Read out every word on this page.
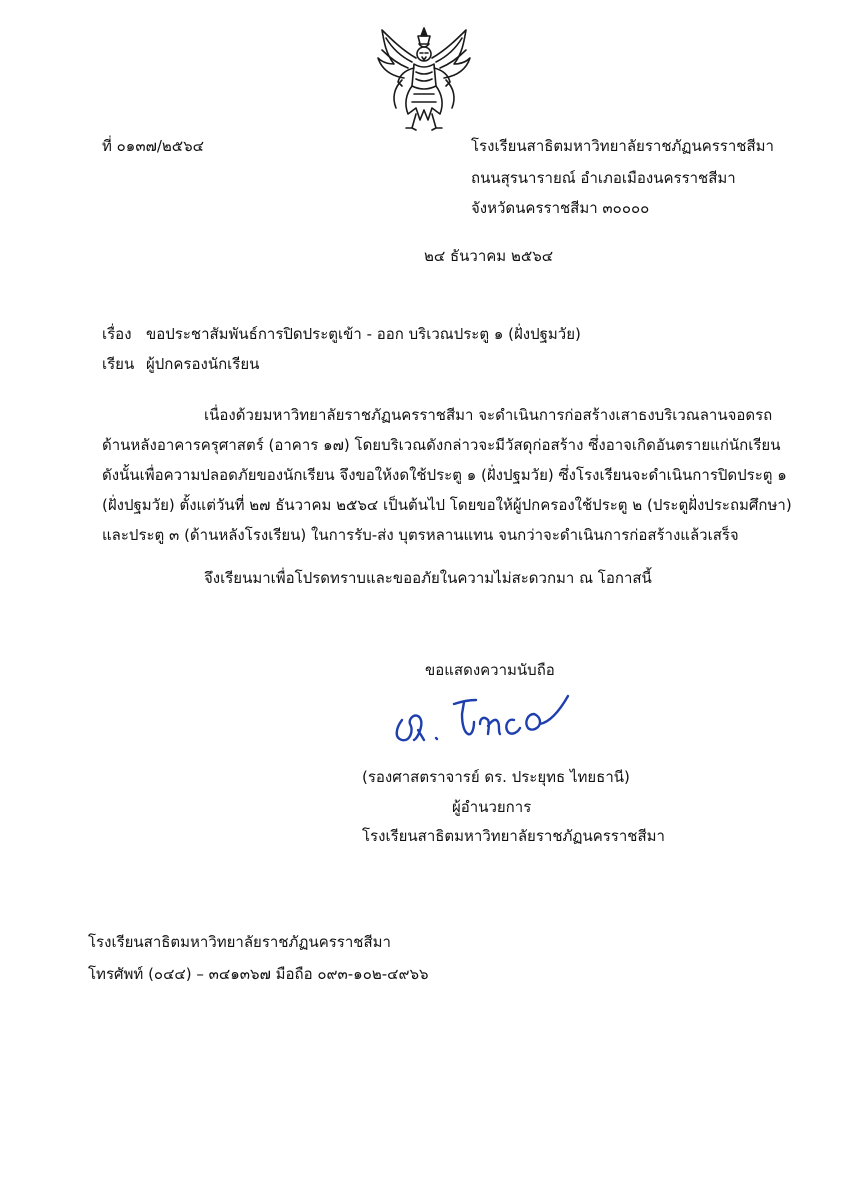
ที่ ๐๑๓๗/๒๕๖๔	โรงเรียนสาธิตมหาวิทยาลัยราชภัฏนครราชสีมา
ถนนสุรนารายณ์ อำเภอเมืองนครราชสีมา
จังหวัดนครราชสีมา ๓๐๐๐๐
๒๔ ธันวาคม ๒๕๖๔
เรื่อง ขอประชาสัมพันธ์การปิดประตูเข้า - ออก บริเวณประตู ๑ (ฝั่งปฐมวัย)
เรียน ผู้ปกครองนักเรียน
เนื่องด้วยมหาวิทยาลัยราชภัฏนครราชสีมา จะดำเนินการก่อสร้างเสาธงบริเวณลานจอดรถ
ด้านหลังอาคารครุศาสตร์ (อาคาร ๑๗) โดยบริเวณดังกล่าวจะมีวัสดุก่อสร้าง ซึ่งอาจเกิดอันตรายแก่นักเรียน
ดังนั้นเพื่อความปลอดภัยของนักเรียน จึงขอให้งดใช้ประตู ๑ (ฝั่งปฐมวัย) ซึ่งโรงเรียนจะดำเนินการปิดประตู ๑
(ฝั่งปฐมวัย) ตั้งแต่วันที่ ๒๗ ธันวาคม ๒๕๖๔ เป็นต้นไป โดยขอให้ผู้ปกครองใช้ประตู ๒ (ประตูฝั่งประถมศึกษา)
และประตู ๓ (ด้านหลังโรงเรียน) ในการรับ-ส่ง บุตรหลานแทน จนกว่าจะดำเนินการก่อสร้างแล้วเสร็จ
จึงเรียนมาเพื่อโปรดทราบและขออภัยในความไม่สะดวกมา ณ โอกาสนี้
ขอแสดงความนับถือ
(รองศาสตราจารย์ ดร. ประยุทธ ไทยธานี)
ผู้อำนวยการ
โรงเรียนสาธิตมหาวิทยาลัยราชภัฏนครราชสีมา
โรงเรียนสาธิตมหาวิทยาลัยราชภัฏนครราชสีมา
โทรศัพท์ (๐๔๔) – ๓๔๑๓๖๗ มือถือ ๐๙๓-๑๐๒-๔๙๖๖
